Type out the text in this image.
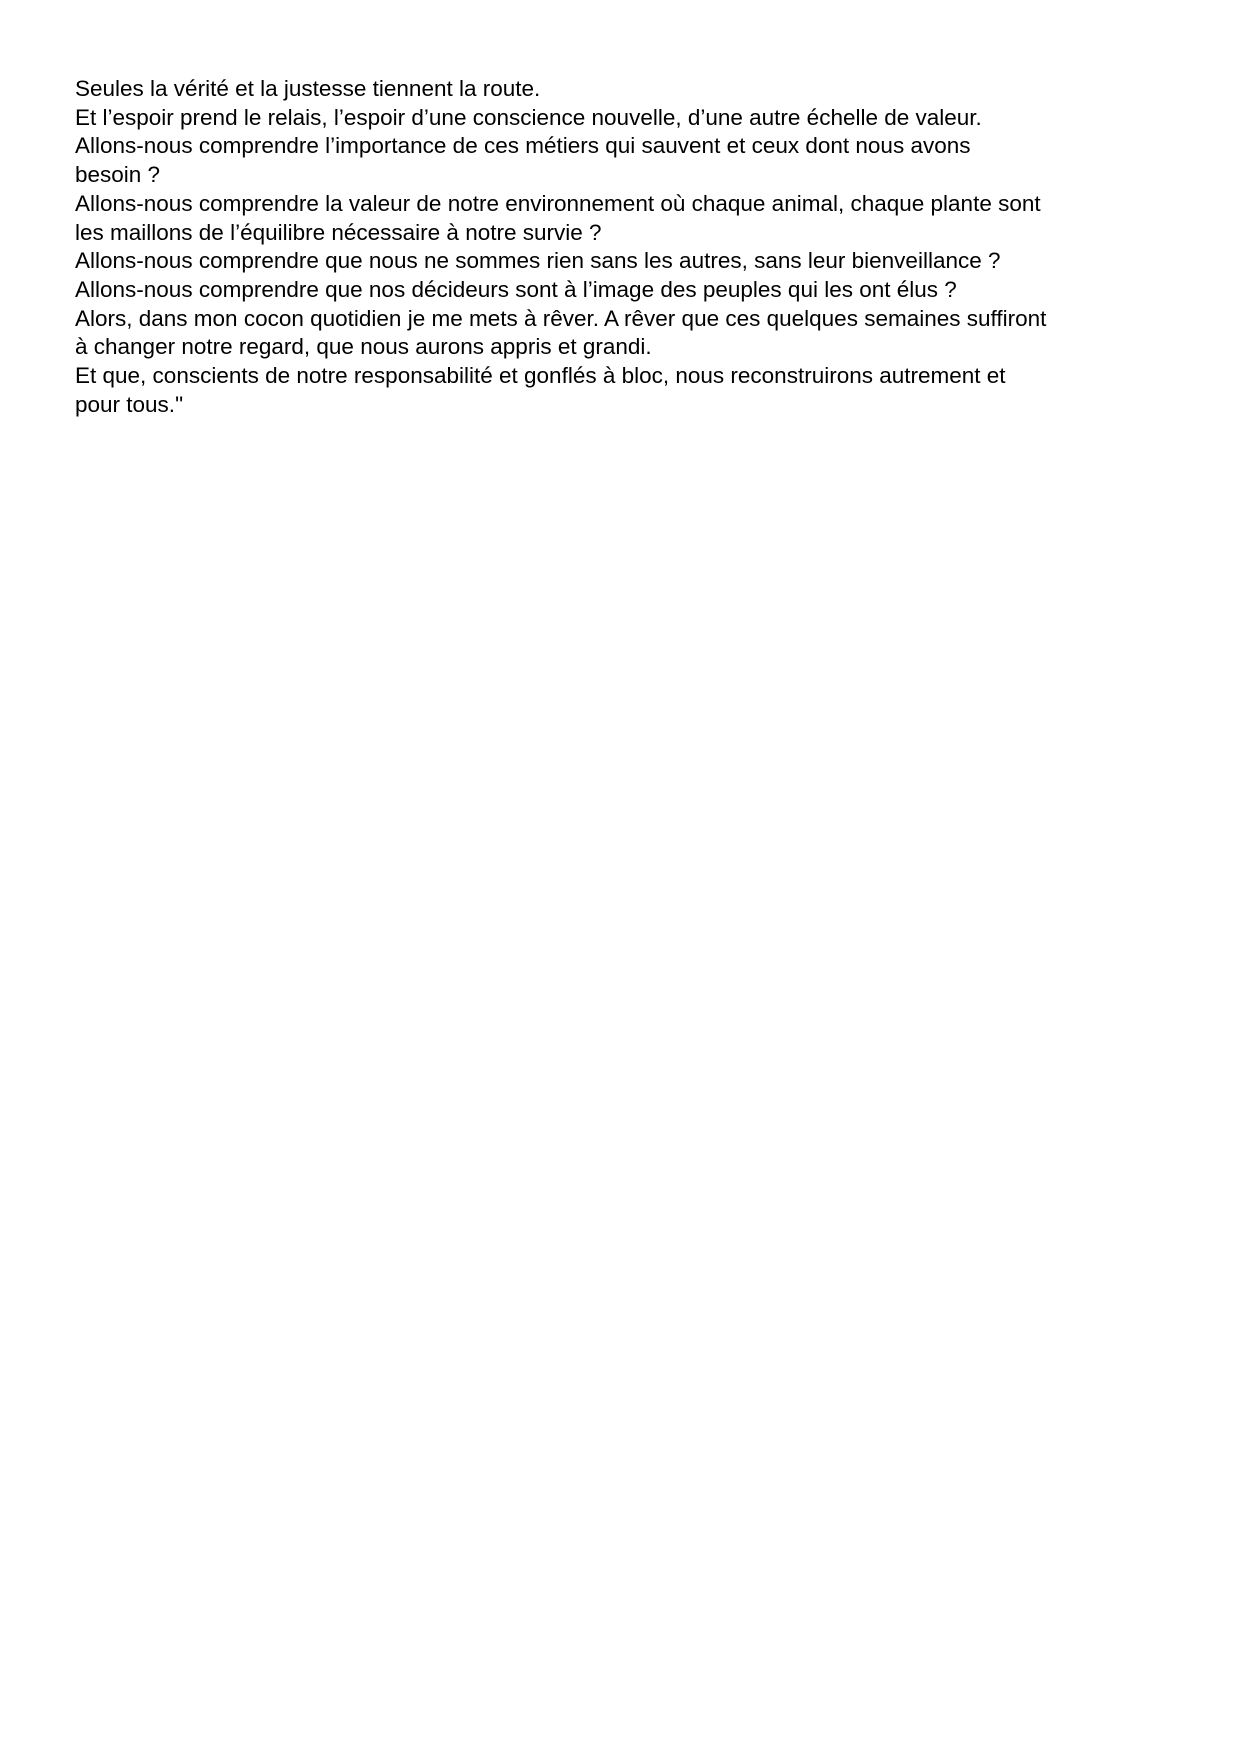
Seules la vérité et la justesse tiennent la route.
Et l’espoir prend le relais, l’espoir d’une conscience nouvelle, d’une autre échelle de valeur.
Allons-nous comprendre l’importance de ces métiers qui sauvent et ceux dont nous avons
besoin ?
Allons-nous comprendre la valeur de notre environnement où chaque animal, chaque plante sont
les maillons de l’équilibre nécessaire à notre survie ?
Allons-nous comprendre que nous ne sommes rien sans les autres, sans leur bienveillance ?
Allons-nous comprendre que nos décideurs sont à l’image des peuples qui les ont élus ?
Alors, dans mon cocon quotidien je me mets à rêver. A rêver que ces quelques semaines suffiront
à changer notre regard, que nous aurons appris et grandi.
Et que, conscients de notre responsabilité et gonflés à bloc, nous reconstruirons autrement et
pour tous."
